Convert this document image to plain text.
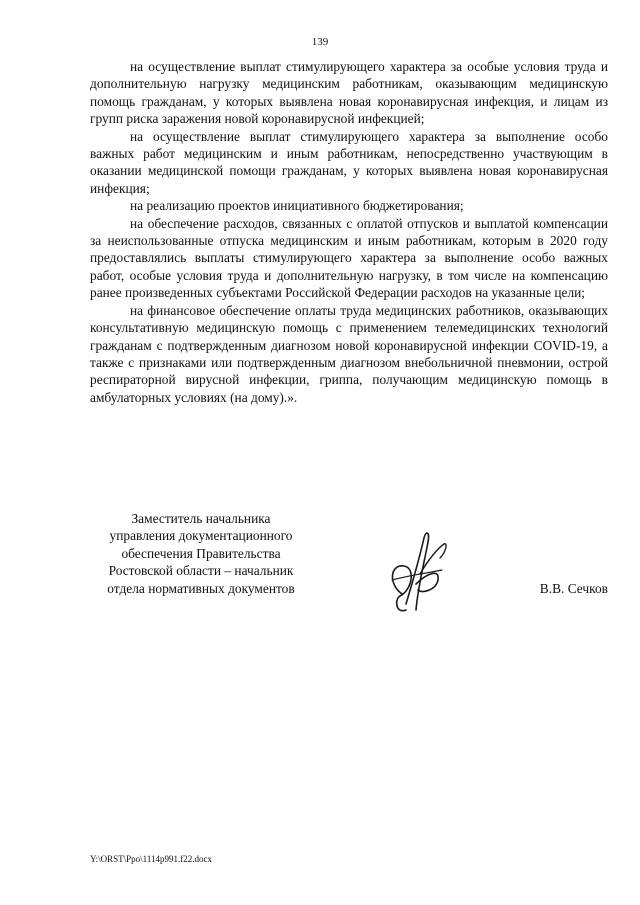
139

на осуществление выплат стимулирующего характера за особые условия труда и дополнительную нагрузку медицинским работникам, оказывающим медицинскую помощь гражданам, у которых выявлена новая коронавирусная инфекция, и лицам из групп риска заражения новой коронавирусной инфекцией;

на осуществление выплат стимулирующего характера за выполнение особо важных работ медицинским и иным работникам, непосредственно участвующим в оказании медицинской помощи гражданам, у которых выявлена новая коронавирусная инфекция;

на реализацию проектов инициативного бюджетирования;

на обеспечение расходов, связанных с оплатой отпусков и выплатой компенсации за неиспользованные отпуска медицинским и иным работникам, которым в 2020 году предоставлялись выплаты стимулирующего характера за выполнение особо важных работ, особые условия труда и дополнительную нагрузку, в том числе на компенсацию ранее произведенных субъектами Российской Федерации расходов на указанные цели;

на финансовое обеспечение оплаты труда медицинских работников, оказывающих консультативную медицинскую помощь с применением телемедицинских технологий гражданам с подтвержденным диагнозом новой коронавирусной инфекции COVID-19, а также с признаками или подтвержденным диагнозом внебольничной пневмонии, острой респираторной вирусной инфекции, гриппа, получающим медицинскую помощь в амбулаторных условиях (на дому).».

Заместитель начальника
управления документационного
обеспечения Правительства
Ростовской области – начальник
отдела нормативных документов	В.В. Сечков
Y:\ORST\Ppo\1114p991.f22.docx
